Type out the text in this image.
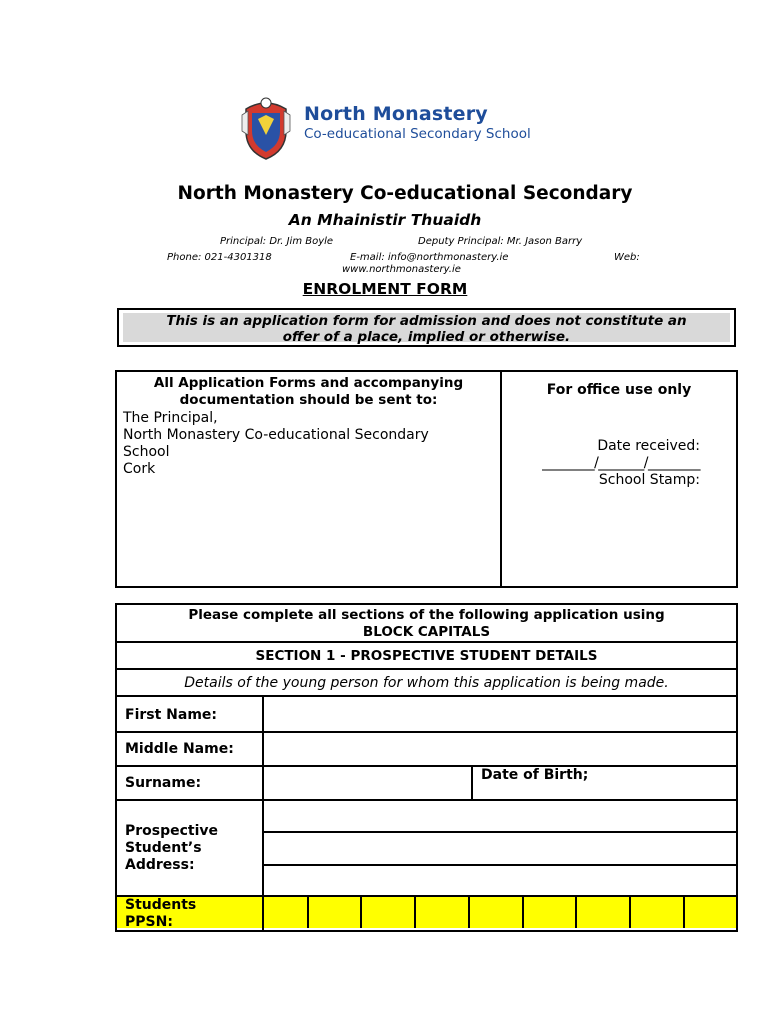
North Monastery
Co-educational Secondary School
North Monastery Co-educational Secondary
An Mhainistir Thuaidh
Principal: Dr. Jim Boyle	Deputy Principal: Mr. Jason Barry
Phone: 021-4301318	E-mail: info@northmonastery.ie	Web:
www.northmonastery.ie
ENROLMENT FORM
This is an application form for admission and does not constitute an
offer of a place, implied or otherwise.
All Application Forms and accompanying
documentation should be sent to:
The Principal,
North Monastery Co-educational Secondary
School
Cork
For office use only
Date received:
________/_______/________
School Stamp:
Please complete all sections of the following application using
BLOCK CAPITALS
SECTION 1 - PROSPECTIVE STUDENT DETAILS
Details of the young person for whom this application is being made.
First Name:
Middle Name:
Surname:	Date of Birth;
Prospective
Student’s
Address:
Students
PPSN:
